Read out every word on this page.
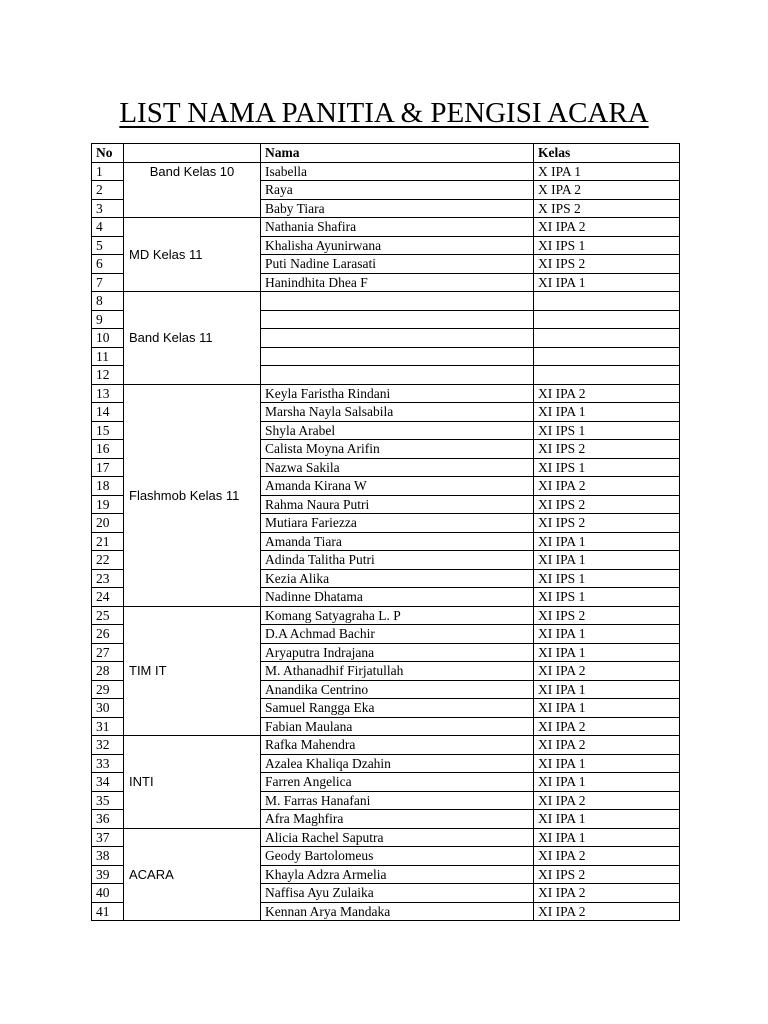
LIST NAMA PANITIA & PENGISI ACARA
No		Nama	Kelas
1	Band Kelas 10	Isabella	X IPA 1
2		Raya	X IPA 2
3		Baby Tiara	X IPS 2
4	MD Kelas 11	Nathania Shafira	XI IPA 2
5		Khalisha Ayunirwana	XI IPS 1
6		Puti Nadine Larasati	XI IPS 2
7		Hanindhita Dhea F	XI IPA 1
8	Band Kelas 11		
9			
10			
11			
12			
13	Flashmob Kelas 11	Keyla Faristha Rindani	XI IPA 2
14		Marsha Nayla Salsabila	XI IPA 1
15		Shyla Arabel	XI IPS 1
16		Calista Moyna Arifin	XI IPS 2
17		Nazwa Sakila	XI IPS 1
18		Amanda Kirana W	XI IPA 2
19		Rahma Naura Putri	XI IPS 2
20		Mutiara Fariezza	XI IPS 2
21		Amanda Tiara	XI IPA 1
22		Adinda Talitha Putri	XI IPA 1
23		Kezia Alika	XI IPS 1
24		Nadinne Dhatama	XI IPS 1
25	TIM IT	Komang Satyagraha L. P	XI IPS 2
26		D.A Achmad Bachir	XI IPA 1
27		Aryaputra Indrajana	XI IPA 1
28		M. Athanadhif Firjatullah	XI IPA 2
29		Anandika Centrino	XI IPA 1
30		Samuel Rangga Eka	XI IPA 1
31		Fabian Maulana	XI IPA 2
32	INTI	Rafka Mahendra	XI IPA 2
33		Azalea Khaliqa Dzahin	XI IPA 1
34		Farren Angelica	XI IPA 1
35		M. Farras Hanafani	XI IPA 2
36		Afra Maghfira	XI IPA 1
37	ACARA	Alicia Rachel Saputra	XI IPA 1
38		Geody Bartolomeus	XI IPA 2
39		Khayla Adzra Armelia	XI IPS 2
40		Naffisa Ayu Zulaika	XI IPA 2
41		Kennan Arya Mandaka	XI IPA 2
